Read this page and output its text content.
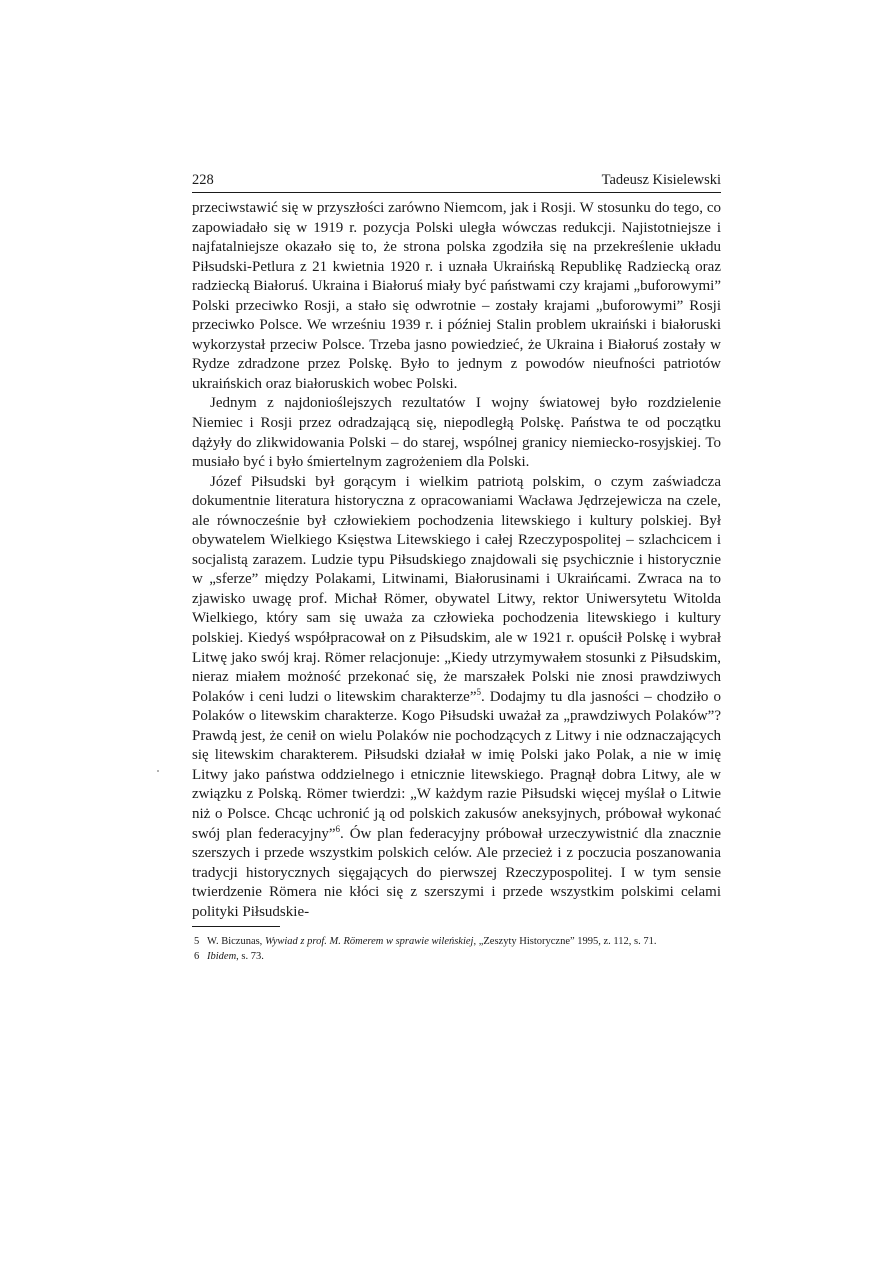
228	Tadeusz Kisielewski

przeciwstawić się w przyszłości zarówno Niemcom, jak i Rosji. W stosunku do tego, co zapowiadało się w 1919 r. pozycja Polski uległa wówczas redukcji. Najistotniejsze i najfatalniejsze okazało się to, że strona polska zgodziła się na przekreślenie układu Piłsudski-Petlura z 21 kwietnia 1920 r. i uznała Ukraińską Republikę Radziecką oraz radziecką Białoruś. Ukraina i Białoruś miały być państwami czy krajami „buforowymi” Polski przeciwko Rosji, a stało się odwrotnie – zostały krajami „buforowymi” Rosji przeciwko Polsce. We wrześniu 1939 r. i później Stalin problem ukraiński i białoruski wykorzystał przeciw Polsce. Trzeba jasno powiedzieć, że Ukraina i Białoruś zostały w Rydze zdradzone przez Polskę. Było to jednym z powodów nieufności patriotów ukraińskich oraz białoruskich wobec Polski.

Jednym z najdonioślejszych rezultatów I wojny światowej było rozdzielenie Niemiec i Rosji przez odradzającą się, niepodległą Polskę. Państwa te od początku dążyły do zlikwidowania Polski – do starej, wspólnej granicy niemiecko-rosyjskiej. To musiało być i było śmiertelnym zagrożeniem dla Polski.

Józef Piłsudski był gorącym i wielkim patriotą polskim, o czym zaświadcza dokumentnie literatura historyczna z opracowaniami Wacława Jędrzejewicza na czele, ale równocześnie był człowiekiem pochodzenia litewskiego i kultury polskiej. Był obywatelem Wielkiego Księstwa Litewskiego i całej Rzeczypospolitej – szlachcicem i socjalistą zarazem. Ludzie typu Piłsudskiego znajdowali się psychicznie i historycznie w „sferze” między Polakami, Litwinami, Białorusinami i Ukraińcami. Zwraca na to zjawisko uwagę prof. Michał Römer, obywatel Litwy, rektor Uniwersytetu Witolda Wielkiego, który sam się uważa za człowieka pochodzenia litewskiego i kultury polskiej. Kiedyś współpracował on z Piłsudskim, ale w 1921 r. opuścił Polskę i wybrał Litwę jako swój kraj. Römer relacjonuje: „Kiedy utrzymywałem stosunki z Piłsudskim, nieraz miałem możność przekonać się, że marszałek Polski nie znosi prawdziwych Polaków i ceni ludzi o litewskim charakterze”$^5$. Dodajmy tu dla jasności – chodziło o Polaków o litewskim charakterze. Kogo Piłsudski uważał za „prawdziwych Polaków”? Prawdą jest, że cenił on wielu Polaków nie pochodzących z Litwy i nie odznaczających się litewskim charakterem. Piłsudski działał w imię Polski jako Polak, a nie w imię Litwy jako państwa oddzielnego i etnicznie litewskiego. Pragnął dobra Litwy, ale w związku z Polską. Römer twierdzi: „W każdym razie Piłsudski więcej myślał o Litwie niż o Polsce. Chcąc uchronić ją od polskich zakusów aneksyjnych, próbował wykonać swój plan federacyjny”$^6$. Ów plan federacyjny próbował urzeczywistnić dla znacznie szerszych i przede wszystkim polskich celów. Ale przecież i z poczucia poszanowania tradycji historycznych sięgających do pierwszej Rzeczypospolitej. I w tym sensie twierdzenie Römera nie kłóci się z szerszymi i przede wszystkim polskimi celami polityki Piłsudskie-

5 W. Biczunas, Wywiad z prof. M. Römerem w sprawie wileńskiej, „Zeszyty Historyczne” 1995, z. 112, s. 71.
6 Ibidem, s. 73.
